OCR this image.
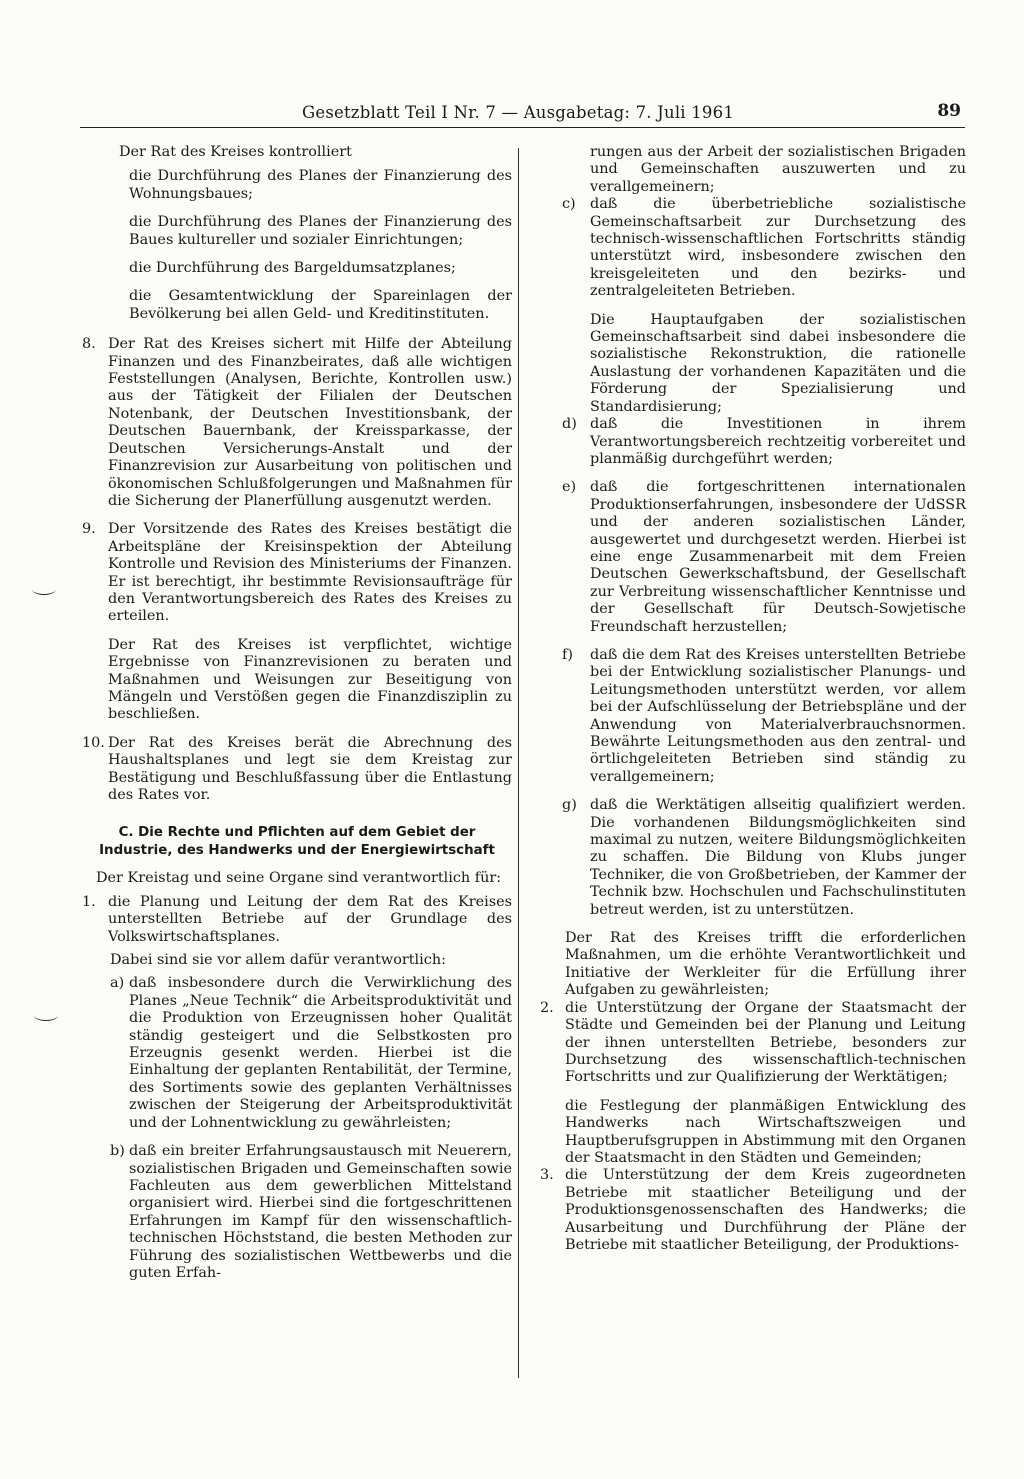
Gesetzblatt Teil I Nr. 7 — Ausgabetag: 7. Juli 1961	89

Der Rat des Kreises kontrolliert

die Durchführung des Planes der Finanzierung des Wohnungsbaues;

die Durchführung des Planes der Finanzierung des Baues kultureller und sozialer Einrichtungen;

die Durchführung des Bargeldumsatzplanes;

die Gesamtentwicklung der Spareinlagen der Bevölkerung bei allen Geld- und Kreditinstituten.

8. Der Rat des Kreises sichert mit Hilfe der Abteilung Finanzen und des Finanzbeirates, daß alle wichtigen Feststellungen (Analysen, Berichte, Kontrollen usw.) aus der Tätigkeit der Filialen der Deutschen Notenbank, der Deutschen Investitionsbank, der Deutschen Bauernbank, der Kreissparkasse, der Deutschen Versicherungs-Anstalt und der Finanzrevision zur Ausarbeitung von politischen und ökonomischen Schlußfolgerungen und Maßnahmen für die Sicherung der Planerfüllung ausgenutzt werden.

9. Der Vorsitzende des Rates des Kreises bestätigt die Arbeitspläne der Kreisinspektion der Abteilung Kontrolle und Revision des Ministeriums der Finanzen. Er ist berechtigt, ihr bestimmte Revisionsaufträge für den Verantwortungsbereich des Rates des Kreises zu erteilen.

Der Rat des Kreises ist verpflichtet, wichtige Ergebnisse von Finanzrevisionen zu beraten und Maßnahmen und Weisungen zur Beseitigung von Mängeln und Verstößen gegen die Finanzdisziplin zu beschließen.

10. Der Rat des Kreises berät die Abrechnung des Haushaltsplanes und legt sie dem Kreistag zur Bestätigung und Beschlußfassung über die Entlastung des Rates vor.

C. Die Rechte und Pflichten auf dem Gebiet der
Industrie, des Handwerks und der Energiewirtschaft

Der Kreistag und seine Organe sind verantwortlich für:

1. die Planung und Leitung der dem Rat des Kreises unterstellten Betriebe auf der Grundlage des Volkswirtschaftsplanes.

Dabei sind sie vor allem dafür verantwortlich:

a) daß insbesondere durch die Verwirklichung des Planes „Neue Technik“ die Arbeitsproduktivität und die Produktion von Erzeugnissen hoher Qualität ständig gesteigert und die Selbstkosten pro Erzeugnis gesenkt werden. Hierbei ist die Einhaltung der geplanten Rentabilität, der Termine, des Sortiments sowie des geplanten Verhältnisses zwischen der Steigerung der Arbeitsproduktivität und der Lohnentwicklung zu gewährleisten;

b) daß ein breiter Erfahrungsaustausch mit Neuerern, sozialistischen Brigaden und Gemeinschaften sowie Fachleuten aus dem gewerblichen Mittelstand organisiert wird. Hierbei sind die fortgeschrittenen Erfahrungen im Kampf für den wissenschaftlich-technischen Höchststand, die besten Methoden zur Führung des sozialistischen Wettbewerbs und die guten Erfah-

rungen aus der Arbeit der sozialistischen Brigaden und Gemeinschaften auszuwerten und zu verallgemeinern;

c) daß die überbetriebliche sozialistische Gemeinschaftsarbeit zur Durchsetzung des technisch-wissenschaftlichen Fortschritts ständig unterstützt wird, insbesondere zwischen den kreisgeleiteten und den bezirks- und zentralgeleiteten Betrieben.

Die Hauptaufgaben der sozialistischen Gemeinschaftsarbeit sind dabei insbesondere die sozialistische Rekonstruktion, die rationelle Auslastung der vorhandenen Kapazitäten und die Förderung der Spezialisierung und Standardisierung;

d) daß die Investitionen in ihrem Verantwortungsbereich rechtzeitig vorbereitet und planmäßig durchgeführt werden;

e) daß die fortgeschrittenen internationalen Produktionserfahrungen, insbesondere der UdSSR und der anderen sozialistischen Länder, ausgewertet und durchgesetzt werden. Hierbei ist eine enge Zusammenarbeit mit dem Freien Deutschen Gewerkschaftsbund, der Gesellschaft zur Verbreitung wissenschaftlicher Kenntnisse und der Gesellschaft für Deutsch-Sowjetische Freundschaft herzustellen;

f) daß die dem Rat des Kreises unterstellten Betriebe bei der Entwicklung sozialistischer Planungs- und Leitungsmethoden unterstützt werden, vor allem bei der Aufschlüsselung der Betriebspläne und der Anwendung von Materialverbrauchsnormen. Bewährte Leitungsmethoden aus den zentral- und örtlichgeleiteten Betrieben sind ständig zu verallgemeinern;

g) daß die Werktätigen allseitig qualifiziert werden. Die vorhandenen Bildungsmöglichkeiten sind maximal zu nutzen, weitere Bildungsmöglichkeiten zu schaffen. Die Bildung von Klubs junger Techniker, die von Großbetrieben, der Kammer der Technik bzw. Hochschulen und Fachschulinstituten betreut werden, ist zu unterstützen.

Der Rat des Kreises trifft die erforderlichen Maßnahmen, um die erhöhte Verantwortlichkeit und Initiative der Werkleiter für die Erfüllung ihrer Aufgaben zu gewährleisten;

2. die Unterstützung der Organe der Staatsmacht der Städte und Gemeinden bei der Planung und Leitung der ihnen unterstellten Betriebe, besonders zur Durchsetzung des wissenschaftlich-technischen Fortschritts und zur Qualifizierung der Werktätigen;

die Festlegung der planmäßigen Entwicklung des Handwerks nach Wirtschaftszweigen und Hauptberufsgruppen in Abstimmung mit den Organen der Staatsmacht in den Städten und Gemeinden;

3. die Unterstützung der dem Kreis zugeordneten Betriebe mit staatlicher Beteiligung und der Produktionsgenossenschaften des Handwerks; die Ausarbeitung und Durchführung der Pläne der Betriebe mit staatlicher Beteiligung, der Produktions-
